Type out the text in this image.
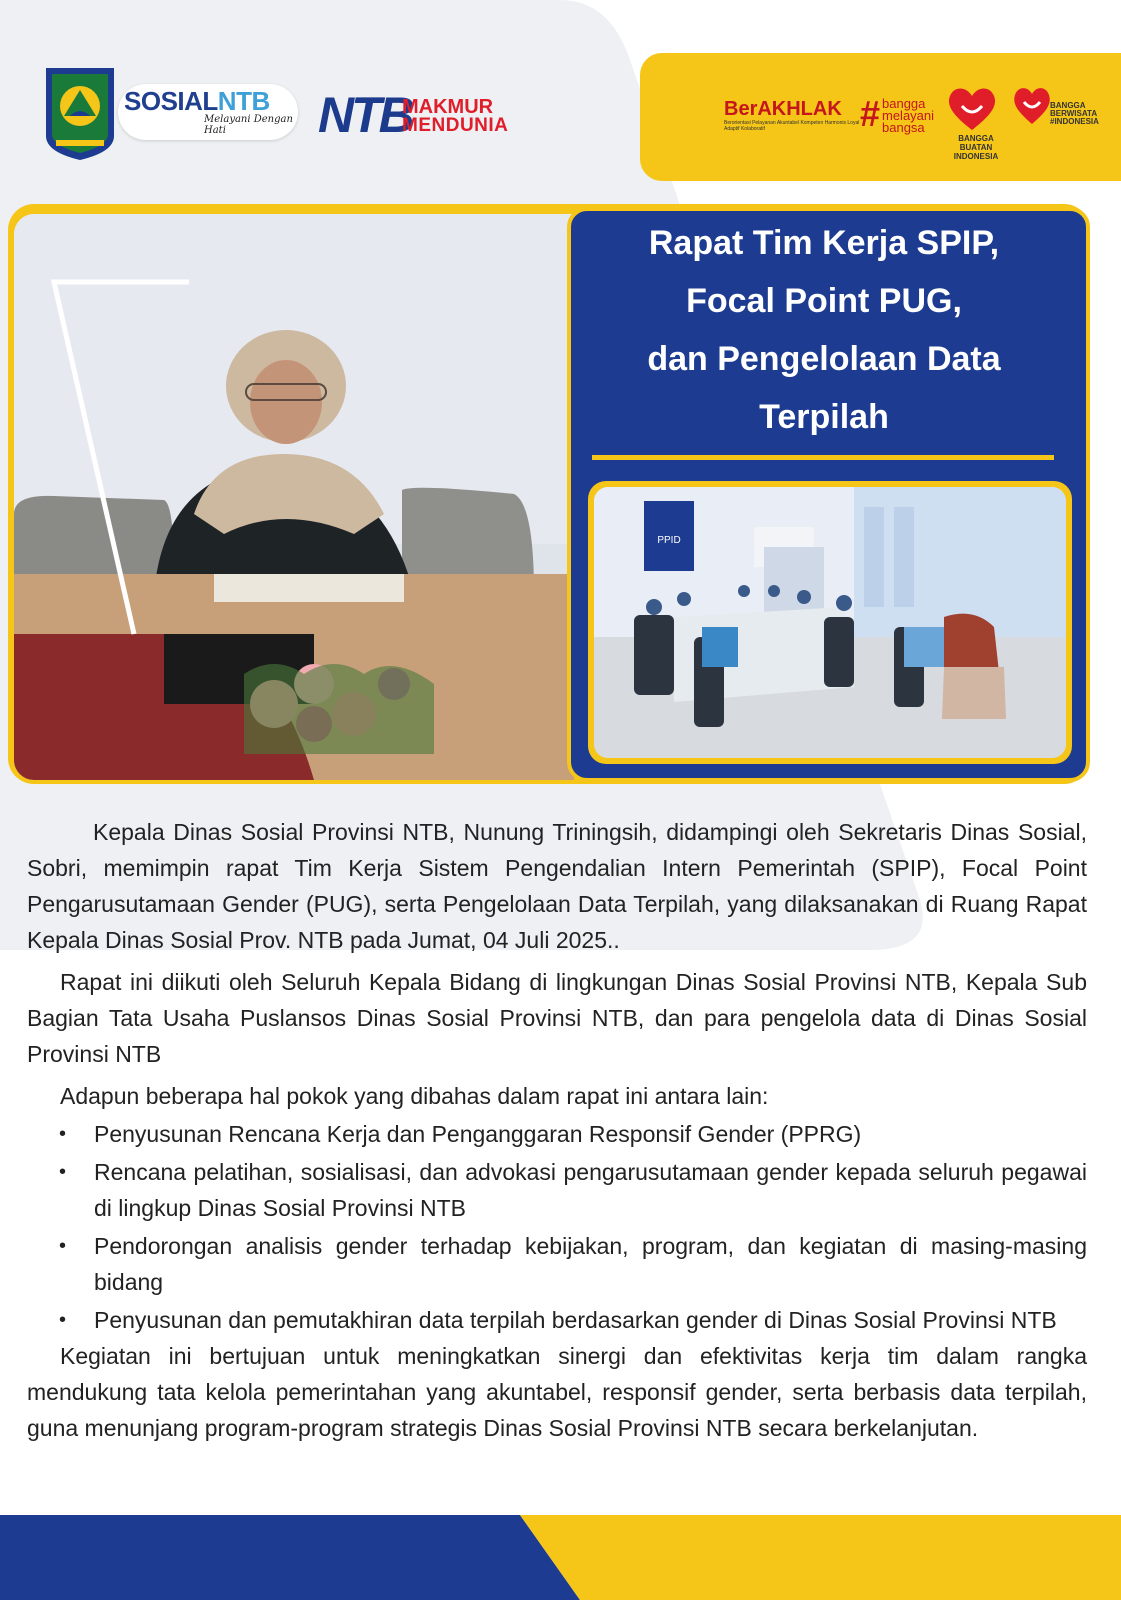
SOSIALNTB
Melayani Dengan Hati	NTB
MAKMUR
MENDUNIA
BerAKHLAK
Berorientasi Pelayanan Akuntabel Kompeten Harmonis Loyal Adaptif Kolaboratif	# bangga
melayani
bangsa
BANGGA BUATAN INDONESIA
BANGGA BERWISATA #INDONESIA
Rapat Tim Kerja SPIP,
Focal Point PUG,
dan Pengelolaan Data
Terpilah
PPID

Kepala Dinas Sosial Provinsi NTB, Nunung Triningsih, didampingi oleh Sekretaris Dinas Sosial, Sobri, memimpin rapat Tim Kerja Sistem Pengendalian Intern Pemerintah (SPIP), Focal Point Pengarusutamaan Gender (PUG), serta Pengelolaan Data Terpilah, yang dilaksanakan di Ruang Rapat Kepala Dinas Sosial Prov. NTB pada Jumat, 04 Juli 2025..

Rapat ini diikuti oleh Seluruh Kepala Bidang di lingkungan Dinas Sosial Provinsi NTB, Kepala Sub Bagian Tata Usaha Puslansos Dinas Sosial Provinsi NTB, dan para pengelola data di Dinas Sosial Provinsi NTB

Adapun beberapa hal pokok yang dibahas dalam rapat ini antara lain:

• Penyusunan Rencana Kerja dan Penganggaran Responsif Gender (PPRG)
• Rencana pelatihan, sosialisasi, dan advokasi pengarusutamaan gender kepada seluruh pegawai di lingkup Dinas Sosial Provinsi NTB
• Pendorongan analisis gender terhadap kebijakan, program, dan kegiatan di masing-masing bidang
• Penyusunan dan pemutakhiran data terpilah berdasarkan gender di Dinas Sosial Provinsi NTB

Kegiatan ini bertujuan untuk meningkatkan sinergi dan efektivitas kerja tim dalam rangka mendukung tata kelola pemerintahan yang akuntabel, responsif gender, serta berbasis data terpilah, guna menunjang program-program strategis Dinas Sosial Provinsi NTB secara berkelanjutan.
